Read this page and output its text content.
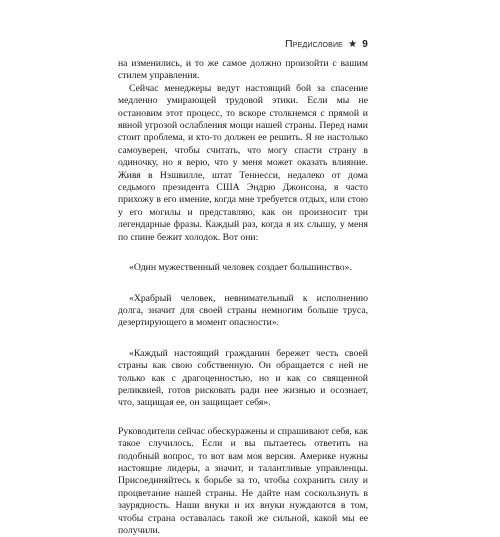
Предисловие ★ 9

на изменились, и то же самое должно произойти с вашим стилем управления.

Сейчас менеджеры ведут настоящий бой за спасение медленно умирающей трудовой этики. Если мы не остановим этот процесс, то вскоре столкнемся с прямой и явной угрозой ослабления мощи нашей страны. Перед нами стоит проблема, и кто-то должен ее решить. Я не настолько самоуверен, чтобы считать, что могу спасти страну в одиночку, но я верю, что у меня может оказать влияние. Живя в Нэшвилле, штат Теннесси, недалеко от дома седьмого президента США Эндрю Джонсона, я часто прихожу в его имение, когда мне требуется отдых, или стою у его могилы и представляю, как он произносит три легендарные фразы. Каждый раз, когда я их слышу, у меня по спине бежит холодок. Вот они:

«Один мужественный человек создает большинство».

«Храбрый человек, невнимательный к исполнению долга, значит для своей страны немногим больше труса, дезертирующего в момент опасности».

«Каждый настоящий гражданин бережет честь своей страны как свою собственную. Он обращается с ней не только как с драгоценностью, но и как со священной реликвией, готов рисковать ради нее жизнью и осознает, что, защищая ее, он защищает себя».

Руководители сейчас обескуражены и спрашивают себя, как такое случилось. Если и вы пытаетесь ответить на подобный вопрос, то вот вам моя версия. Америке нужны настоящие лидеры, а значит, и талантливые управленцы. Присоединяйтесь к борьбе за то, чтобы сохранить силу и процветание нашей страны. Не дайте нам соскользнуть в заурядность. Наши внуки и их внуки нуждаются в том, чтобы страна оставалась такой же сильной, какой мы ее получили.
